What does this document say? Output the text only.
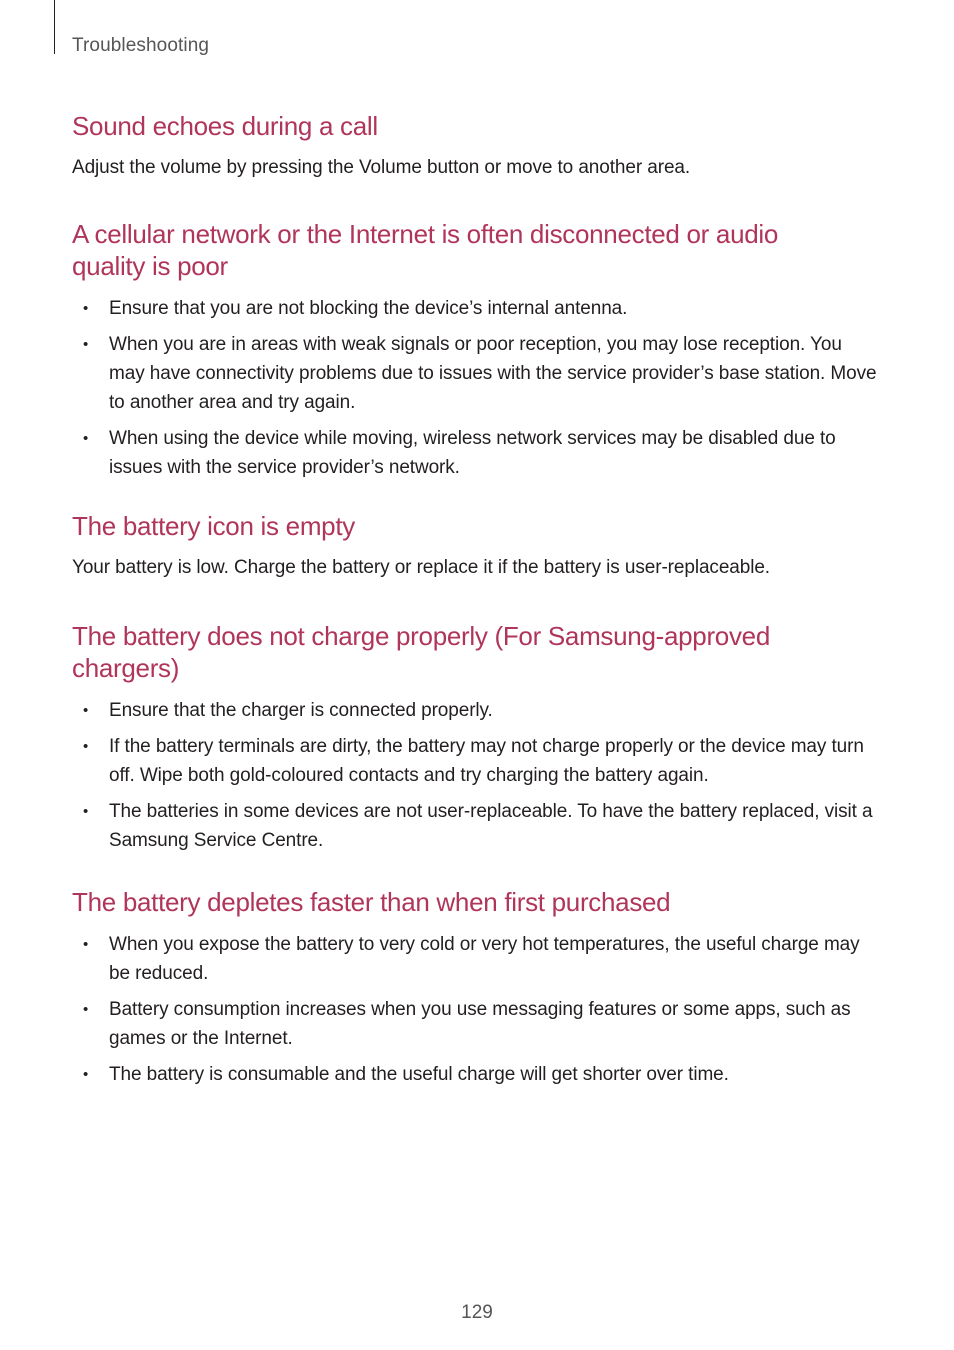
Troubleshooting
Sound echoes during a call

Adjust the volume by pressing the Volume button or move to another area.

A cellular network or the Internet is often disconnected or audio
quality is poor
• Ensure that you are not blocking the device’s internal antenna.
• When you are in areas with weak signals or poor reception, you may lose reception. You may have connectivity problems due to issues with the service provider’s base station. Move to another area and try again.
• When using the device while moving, wireless network services may be disabled due to issues with the service provider’s network.
The battery icon is empty

Your battery is low. Charge the battery or replace it if the battery is user-replaceable.

The battery does not charge properly (For Samsung-approved
chargers)
• Ensure that the charger is connected properly.
• If the battery terminals are dirty, the battery may not charge properly or the device may turn off. Wipe both gold-coloured contacts and try charging the battery again.
• The batteries in some devices are not user-replaceable. To have the battery replaced, visit a Samsung Service Centre.
The battery depletes faster than when first purchased
• When you expose the battery to very cold or very hot temperatures, the useful charge may be reduced.
• Battery consumption increases when you use messaging features or some apps, such as games or the Internet.
• The battery is consumable and the useful charge will get shorter over time.
129
